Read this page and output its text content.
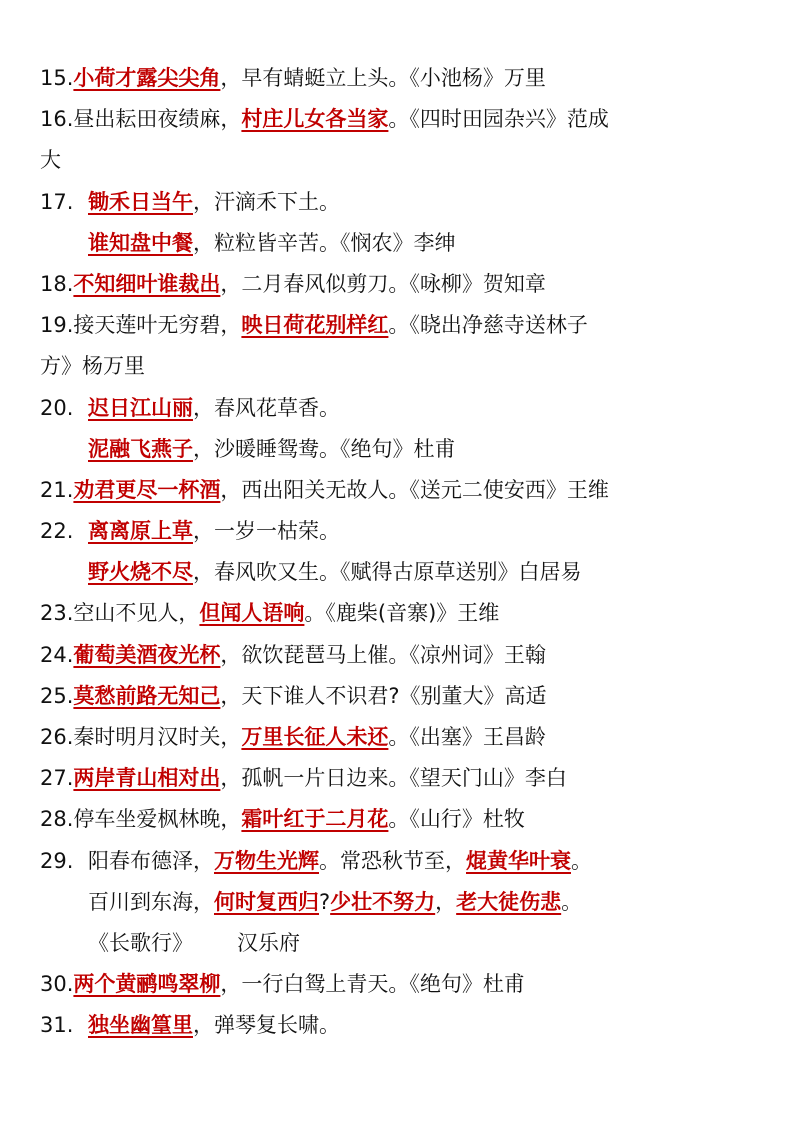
15.小荷才露尖尖角，早有蜻蜓立上头。《小池杨》万里
16.昼出耘田夜绩麻，村庄儿女各当家。《四时田园杂兴》范成
大
17. 锄禾日当午，汗滴禾下土。
谁知盘中餐，粒粒皆辛苦。《悯农》李绅
18.不知细叶谁裁出，二月春风似剪刀。《咏柳》贺知章
19.接天莲叶无穷碧，映日荷花别样红。《晓出净慈寺送林子
方》杨万里
20. 迟日江山丽，春风花草香。
泥融飞燕子，沙暖睡鸳鸯。《绝句》杜甫
21.劝君更尽一杯酒，西出阳关无故人。《送元二使安西》王维
22. 离离原上草，一岁一枯荣。
野火烧不尽，春风吹又生。《赋得古原草送别》白居易
23.空山不见人，但闻人语响。《鹿柴(音寨)》王维
24.葡萄美酒夜光杯，欲饮琵琶马上催。《凉州词》王翰
25.莫愁前路无知己，天下谁人不识君?《别董大》高适
26.秦时明月汉时关，万里长征人未还。《出塞》王昌龄
27.两岸青山相对出，孤帆一片日边来。《望天门山》李白
28.停车坐爱枫林晚，霜叶红于二月花。《山行》杜牧
29. 阳春布德泽，万物生光辉。常恐秋节至，焜黄华叶衰。
百川到东海，何时复西归?少壮不努力，老大徒伤悲。
《长歌行》 汉乐府
30.两个黄鹂鸣翠柳，一行白鸳上青天。《绝句》杜甫
31. 独坐幽篁里，弹琴复长啸。
